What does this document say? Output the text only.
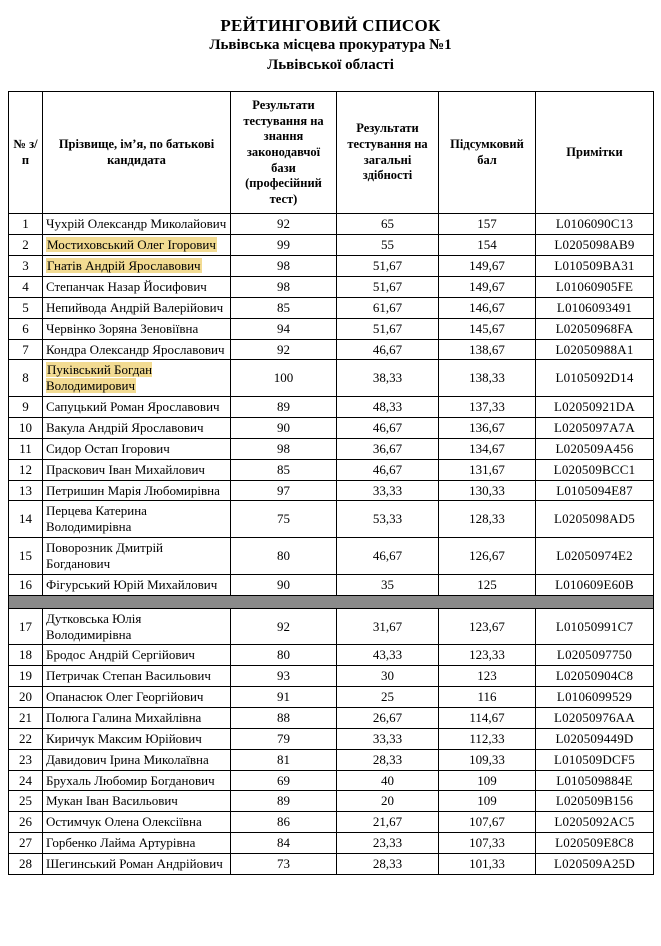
РЕЙТИНГОВИЙ СПИСОК
Львівська місцева прокуратура №1
Львівської області
№ з/п	Прізвище, ім’я, по батькові кандидата	Результати тестування на знання законодавчої бази (професійний тест)	Результати тестування на загальні здібності	Підсумковий бал	Примітки
1	Чухрій Олександр Миколайович	92	65	157	L0106090C13
2	Мостиховський Олег Ігорович	99	55	154	L0205098AB9
3	Гнатів Андрій Ярославович	98	51,67	149,67	L010509BA31
4	Степанчак Назар Йосифович	98	51,67	149,67	L01060905FE
5	Непийвода Андрій Валерійович	85	61,67	146,67	L0106093491
6	Червінко Зоряна Зеновіївна	94	51,67	145,67	L02050968FA
7	Кондра Олександр Ярославович	92	46,67	138,67	L02050988A1
8	Пуківський Богдан Володимирович	100	38,33	138,33	L0105092D14
9	Сапуцький Роман Ярославович	89	48,33	137,33	L02050921DA
10	Вакула Андрій Ярославович	90	46,67	136,67	L0205097A7A
11	Сидор Остап Ігорович	98	36,67	134,67	L020509A456
12	Праскович Іван Михайлович	85	46,67	131,67	L020509BCC1
13	Петришин Марія Любомирівна	97	33,33	130,33	L0105094E87
14	Перцева Катерина Володимирівна	75	53,33	128,33	L0205098AD5
15	Поворозник Дмитрій Богданович	80	46,67	126,67	L02050974E2
16	Фігурський Юрій Михайлович	90	35	125	L010609E60B

17	Дутковська Юлія Володимирівна	92	31,67	123,67	L01050991C7
18	Бродос Андрій Сергійович	80	43,33	123,33	L0205097750
19	Петричак Степан Васильович	93	30	123	L02050904C8
20	Опанасюк Олег Георгійович	91	25	116	L0106099529
21	Полюга Галина Михайлівна	88	26,67	114,67	L02050976AA
22	Киричук Максим Юрійович	79	33,33	112,33	L020509449D
23	Давидович Ірина Миколаївна	81	28,33	109,33	L010509DCF5
24	Брухаль Любомир Богданович	69	40	109	L010509884E
25	Мукан Іван Васильович	89	20	109	L020509B156
26	Остимчук Олена Олексіївна	86	21,67	107,67	L0205092AC5
27	Горбенко Лайма Артурівна	84	23,33	107,33	L020509E8C8
28	Шегинський Роман Андрійович	73	28,33	101,33	L020509A25D
